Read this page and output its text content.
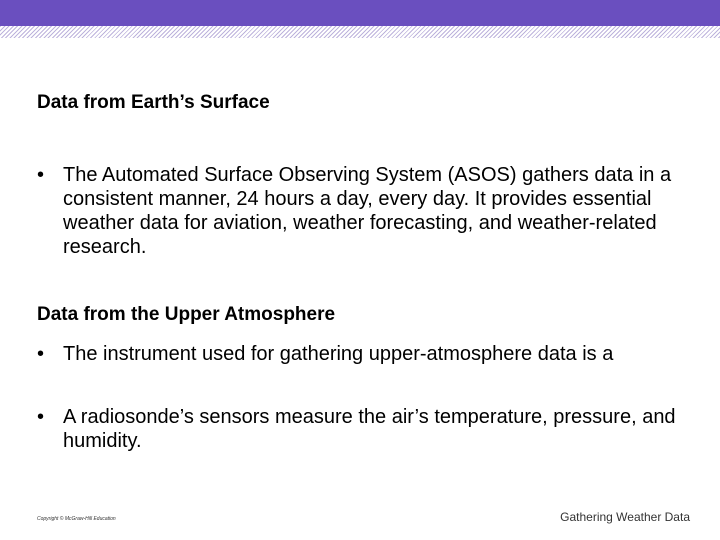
Data from Earth’s Surface
• The Automated Surface Observing System (ASOS) gathers data in a consistent manner, 24 hours a day, every day. It provides essential weather data for aviation, weather forecasting, and weather-related research.
Data from the Upper Atmosphere
• The instrument used for gathering upper-atmosphere data is a
• A radiosonde’s sensors measure the air’s temperature, pressure, and humidity.
Copyright © McGraw-Hill Education	Gathering Weather Data
